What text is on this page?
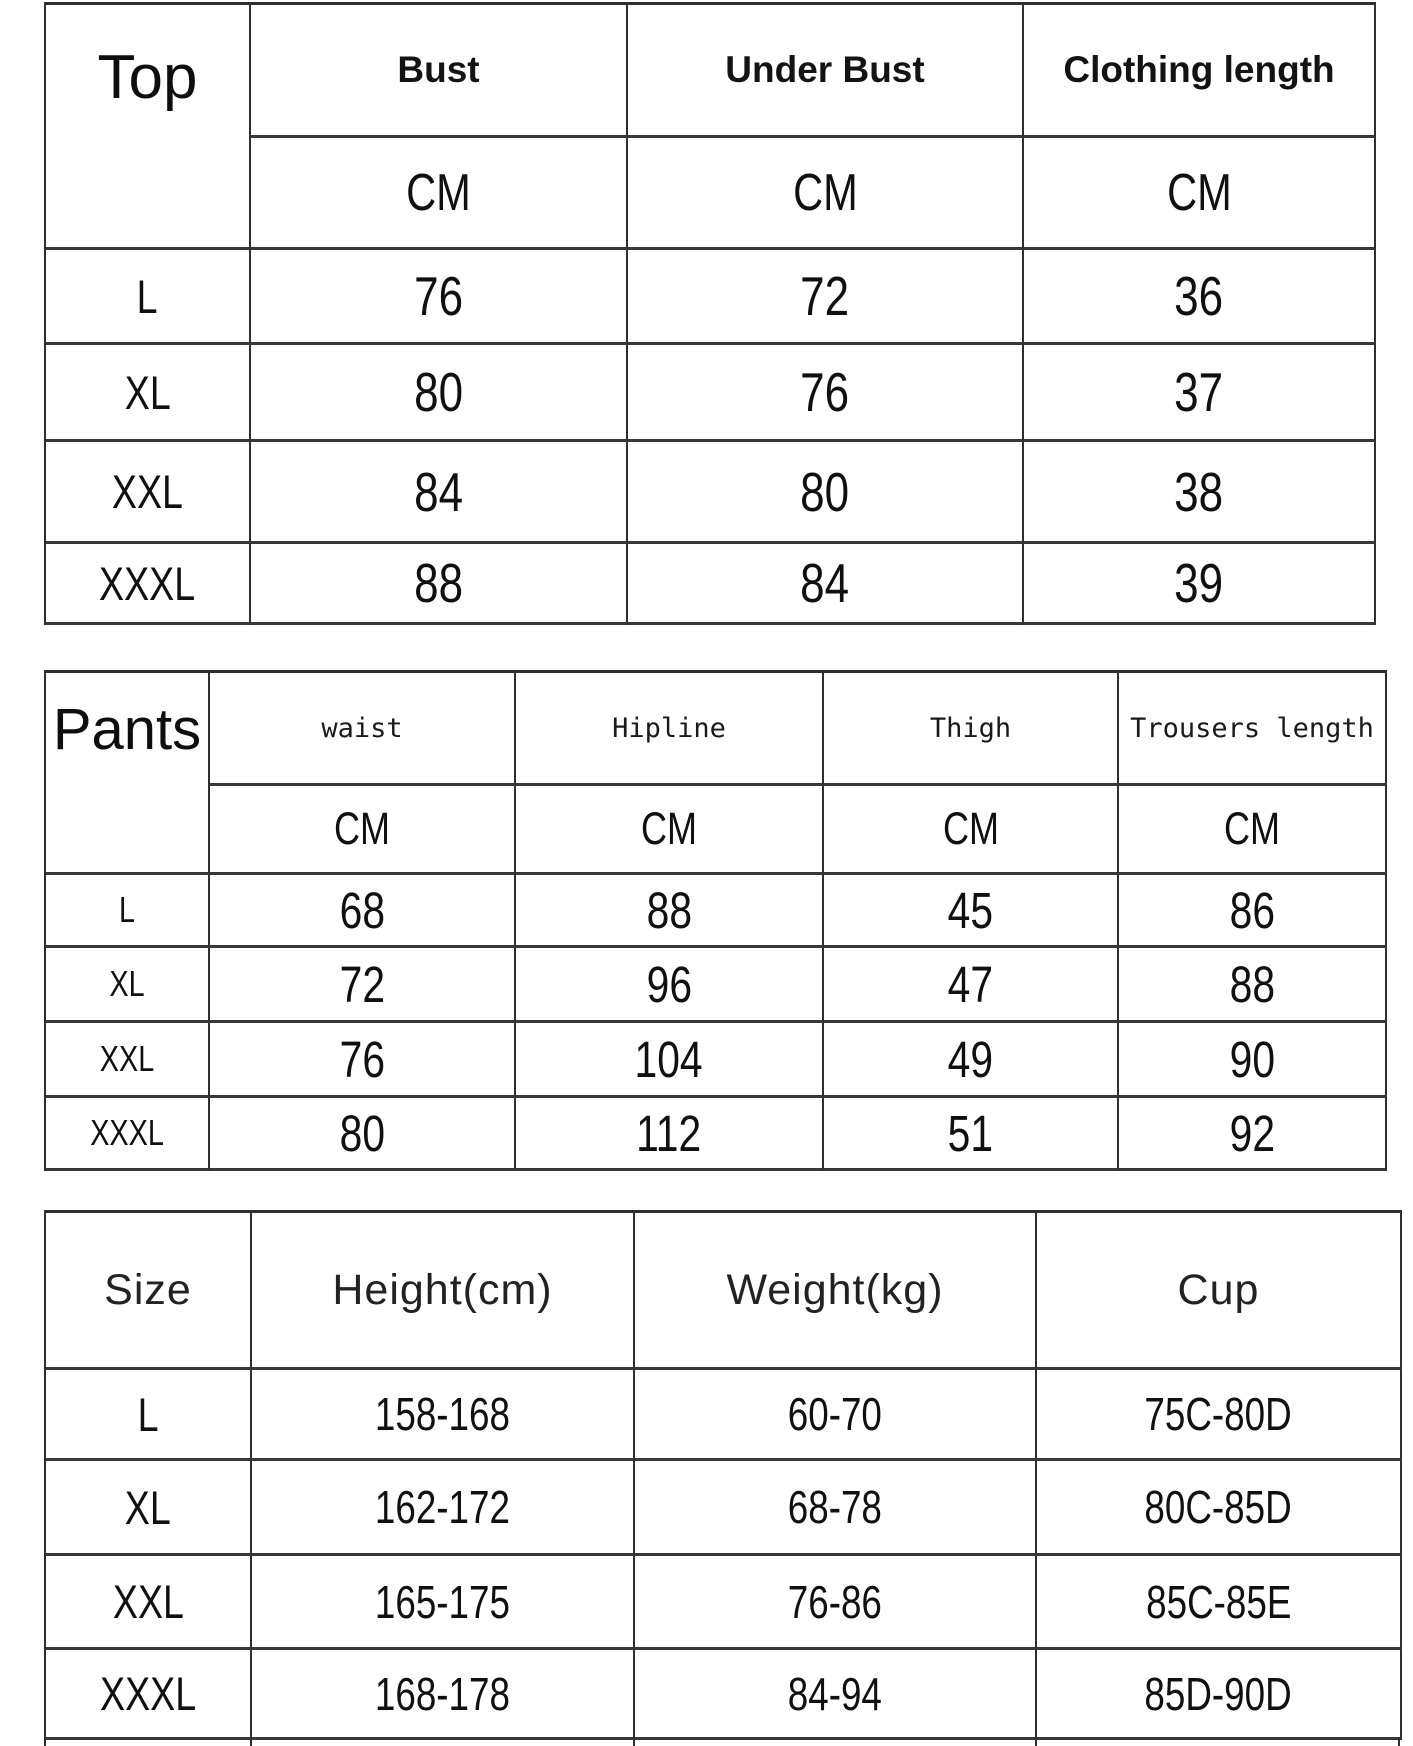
Top	Bust	Under Bust	Clothing length
CM	CM	CM
L	76	72	36
XL	80	76	37
XXL	84	80	38
XXXL	88	84	39
Pants	waist	Hipline	Thigh	Trousers length
CM	CM	CM	CM
L	68	88	45	86
XL	72	96	47	88
XXL	76	104	49	90
XXXL	80	112	51	92
Size	Height(cm)	Weight(kg)	Cup
L	158-168	60-70	75C-80D
XL	162-172	68-78	80C-85D
XXL	165-175	76-86	85C-85E
XXXL	168-178	84-94	85D-90D
